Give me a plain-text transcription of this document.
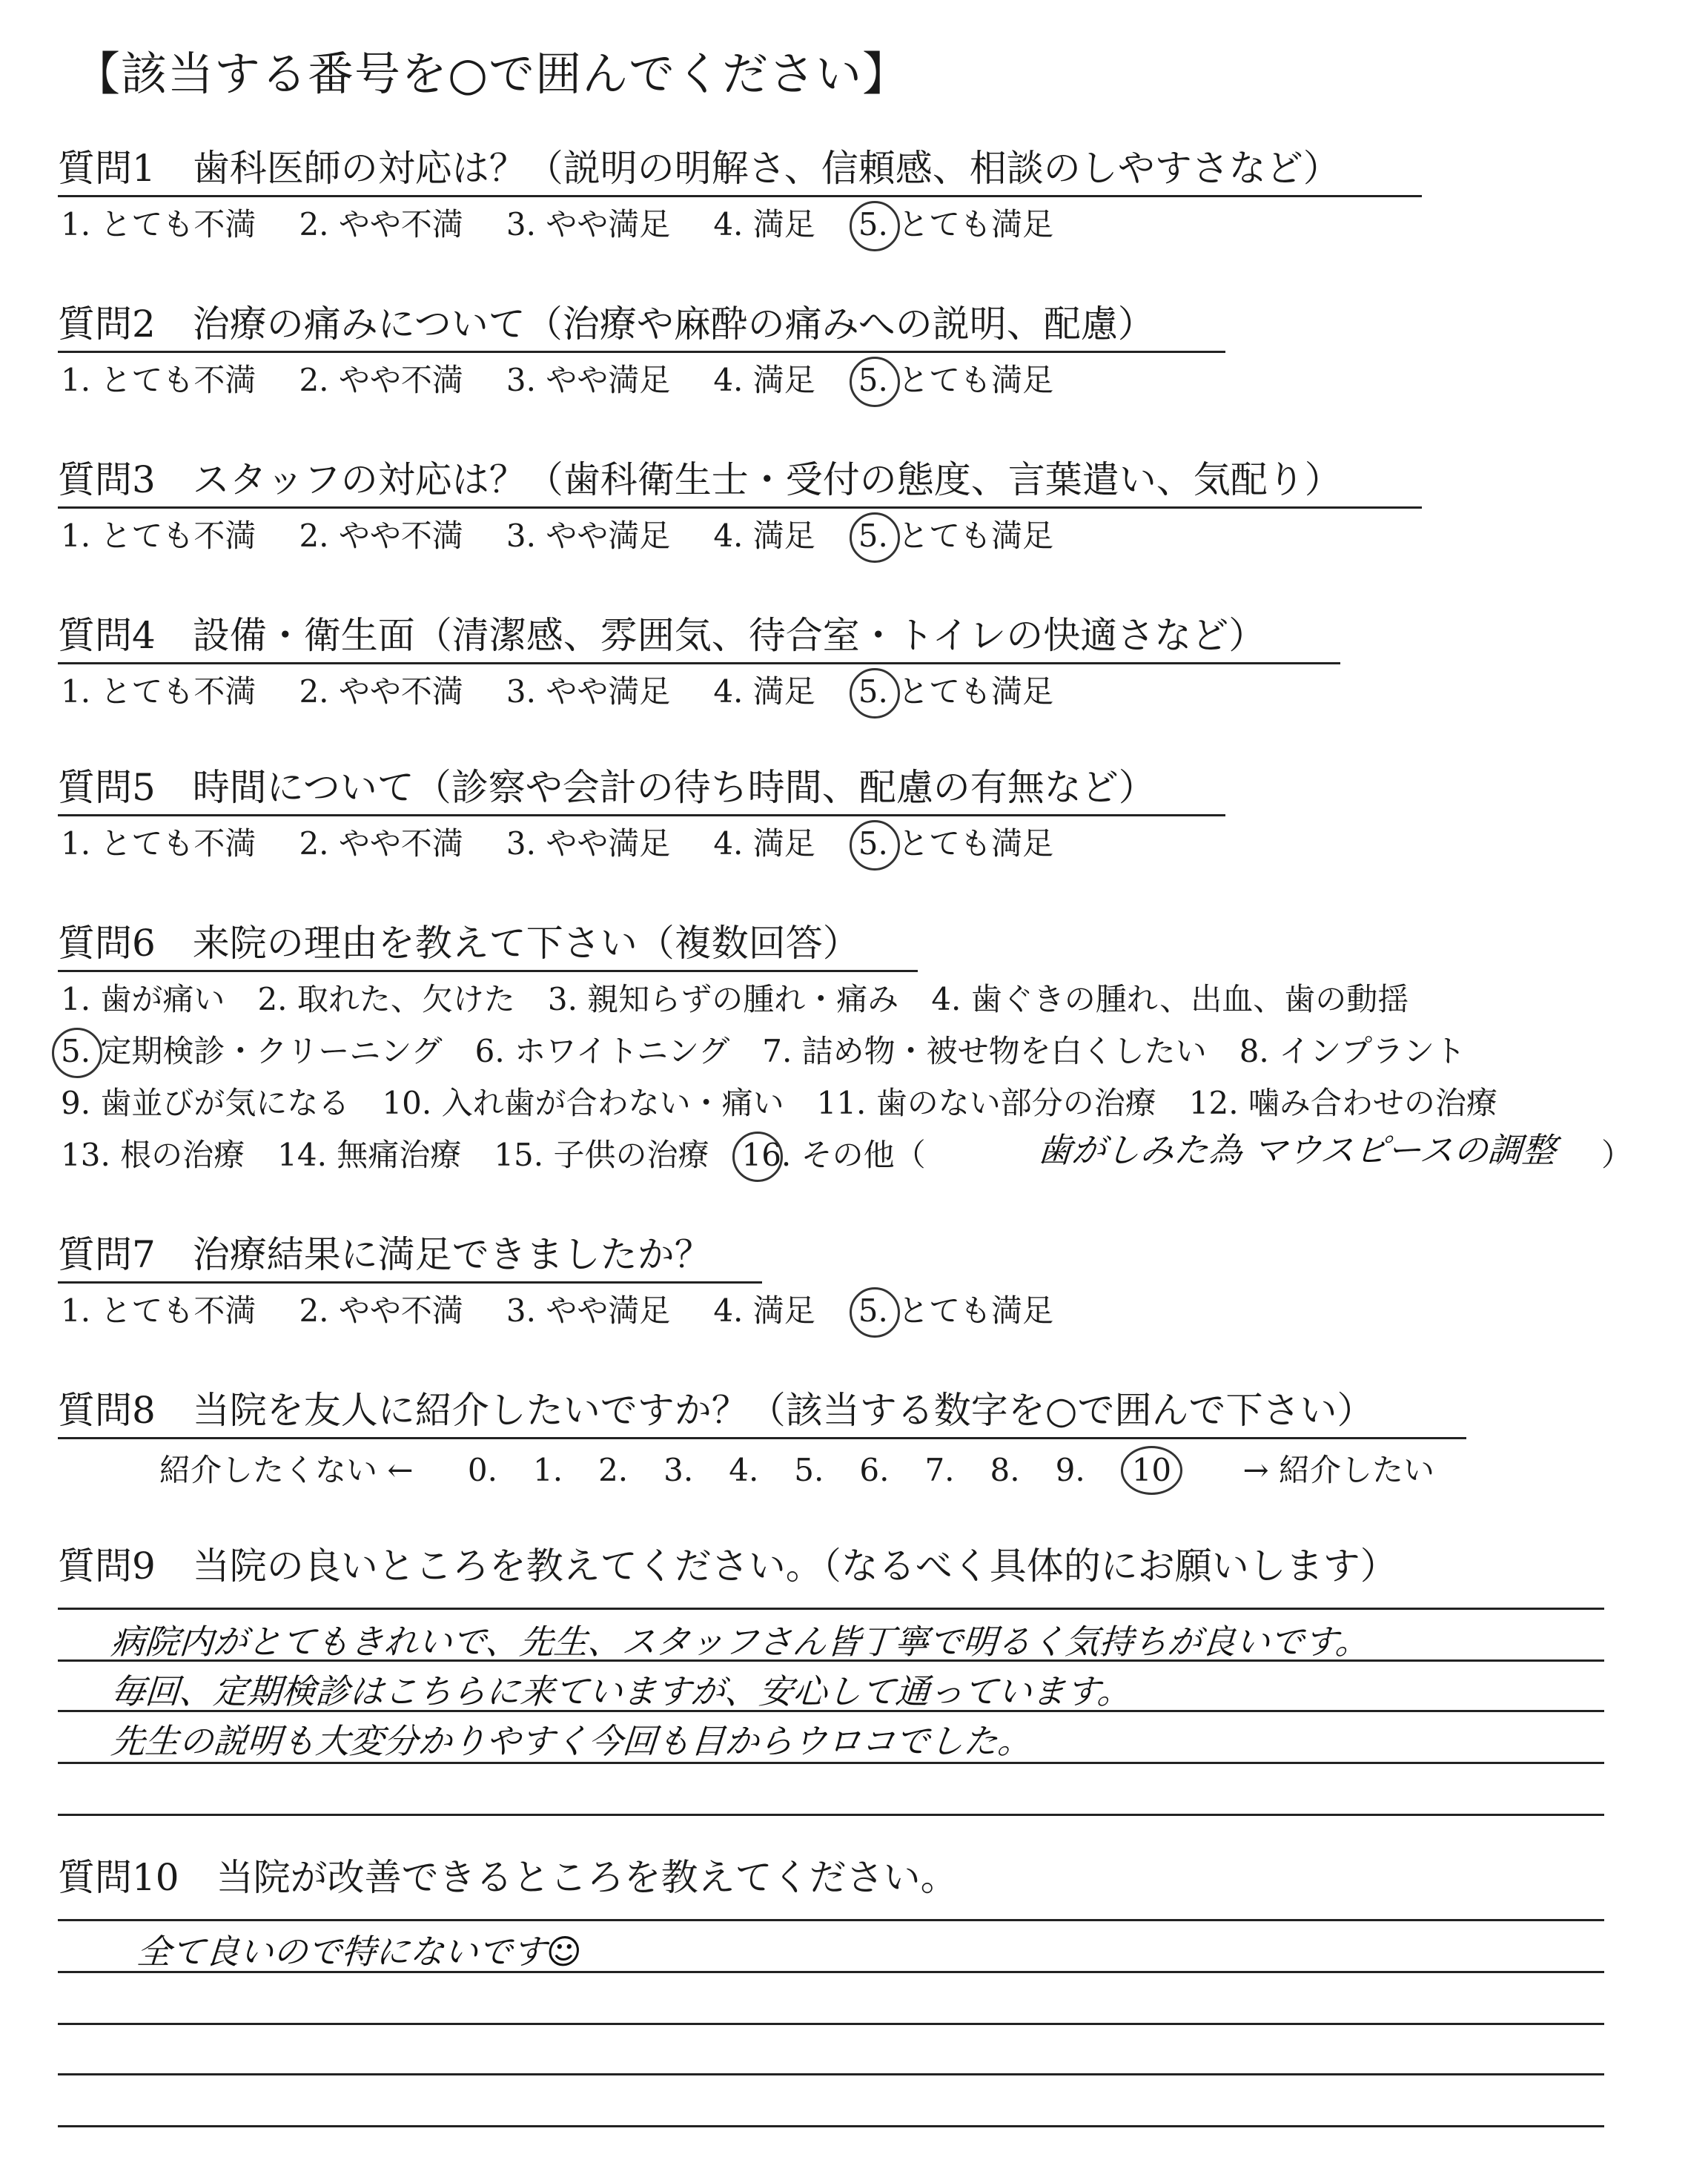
【該当する番号を○で囲んでください】
質問1　歯科医師の対応は？（説明の明解さ、信頼感、相談のしやすさなど）
1. とても不満 2. やや不満 3. やや満足 4. 満足 5. とても満足
質問2　治療の痛みについて（治療や麻酔の痛みへの説明、配慮）
1. とても不満 2. やや不満 3. やや満足 4. 満足 5. とても満足
質問3　スタッフの対応は？（歯科衛生士・受付の態度、言葉遣い、気配り）
1. とても不満 2. やや不満 3. やや満足 4. 満足 5. とても満足
質問4　設備・衛生面（清潔感、雰囲気、待合室・トイレの快適さなど）
1. とても不満 2. やや不満 3. やや満足 4. 満足 5. とても満足
質問5　時間について（診察や会計の待ち時間、配慮の有無など）
1. とても不満 2. やや不満 3. やや満足 4. 満足 5. とても満足
質問6　来院の理由を教えて下さい（複数回答）
1. 歯が痛い 2. 取れた、欠けた 3. 親知らずの腫れ・痛み 4. 歯ぐきの腫れ、出血、歯の動揺
5. 定期検診・クリーニング 6. ホワイトニング 7. 詰め物・被せ物を白くしたい 8. インプラント
9. 歯並びが気になる 10. 入れ歯が合わない・痛い 11. 歯のない部分の治療 12. 噛み合わせの治療
13. 根の治療 14. 無痛治療 15. 子供の治療 16. その他（	歯がしみた為 マウスピースの調整 ）
質問7　治療結果に満足できましたか？
1. とても不満 2. やや不満 3. やや満足 4. 満足 5. とても満足
質問8　当院を友人に紹介したいですか？（該当する数字を○で囲んで下さい）
紹介したくない ← 0. 1. 2. 3. 4. 5. 6. 7. 8. 9. 10 → 紹介したい
質問9　当院の良いところを教えてください。（なるべく具体的にお願いします）
病院内がとてもきれいで、先生、スタッフさん皆丁寧で明るく気持ちが良いです。
毎回、定期検診はこちらに来ていますが、安心して通っています。
先生の説明も大変分かりやすく今回も目からウロコでした。
質問10　当院が改善できるところを教えてください。
全て良いので特にないです☺
